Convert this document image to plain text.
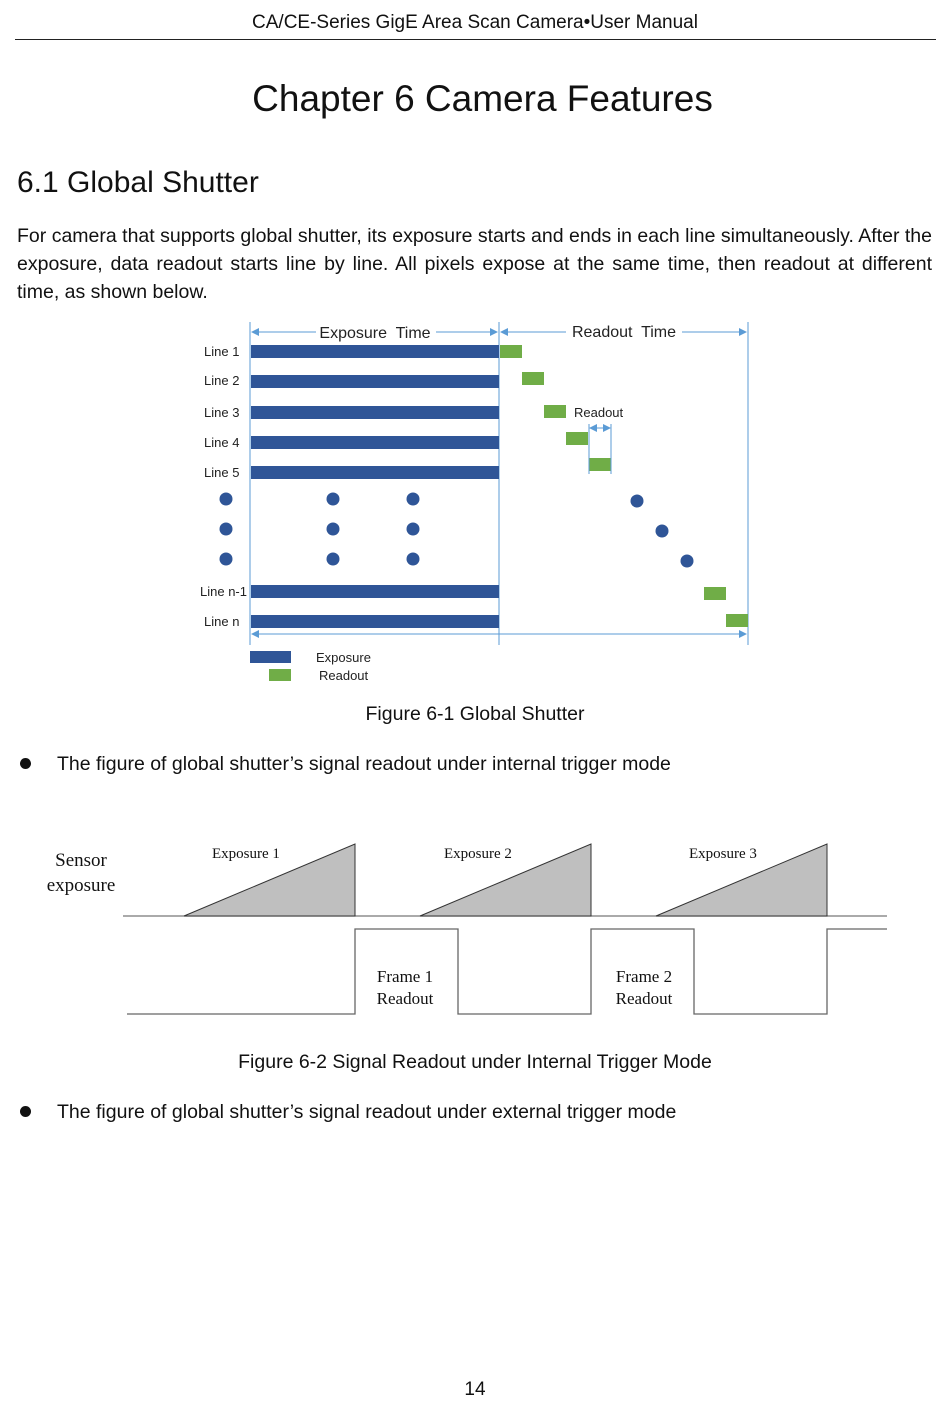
CA/CE-Series GigE Area Scan Camera•User Manual
Chapter 6 Camera Features
6.1 Global Shutter
For camera that supports global shutter, its exposure starts and ends in each line simultaneously. After the exposure, data readout starts line by line. All pixels expose at the same time, then readout at different time, as shown below.
Exposure  Time	Readout  Time
Line 1
Line 2
Line 3
Line 4
Line 5
Line n-1
Line n
Readout
Exposure
Readout
Figure 6-1 Global Shutter
The figure of global shutter’s signal readout under internal trigger mode
Sensor
exposure
Exposure 1	Exposure 2	Exposure 3
Frame 1
Readout
Frame 2
Readout
Figure 6-2 Signal Readout under Internal Trigger Mode
The figure of global shutter’s signal readout under external trigger mode
14
